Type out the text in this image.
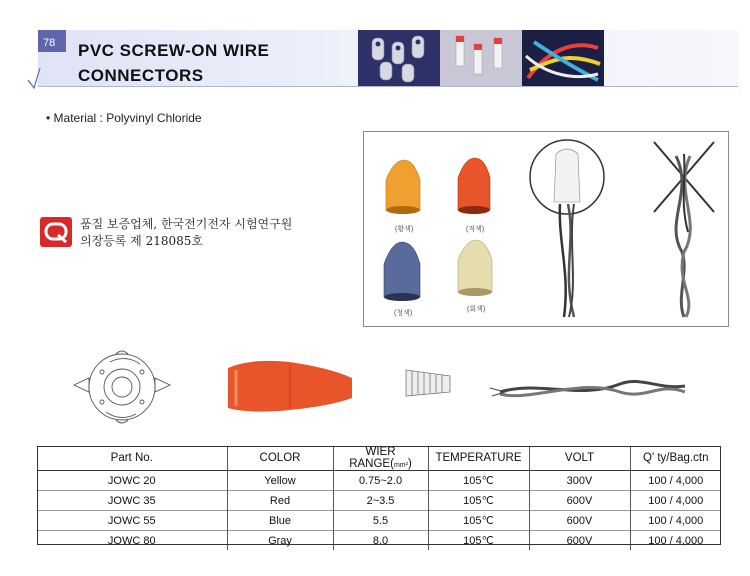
78 PVC SCREW-ON WIRE
CONNECTORS
• Material : Polyvinyl Chloride
품질 보증업체, 한국전기전자 시험연구원
의장등록 제 218085호
(황색)	(적색)
(청색)
(회색)
Part No.	COLOR	WIER RANGE(mm²)	TEMPERATURE	VOLT	Q' ty/Bag.ctn
JOWC 20	Yellow	0.75~2.0	105℃	300V	100 / 4,000
JOWC 35	Red	2~3.5	105℃	600V	100 / 4,000
JOWC 55	Blue	5.5	105℃	600V	100 / 4,000
JOWC 80	Gray	8.0	105℃	600V	100 / 4,000
